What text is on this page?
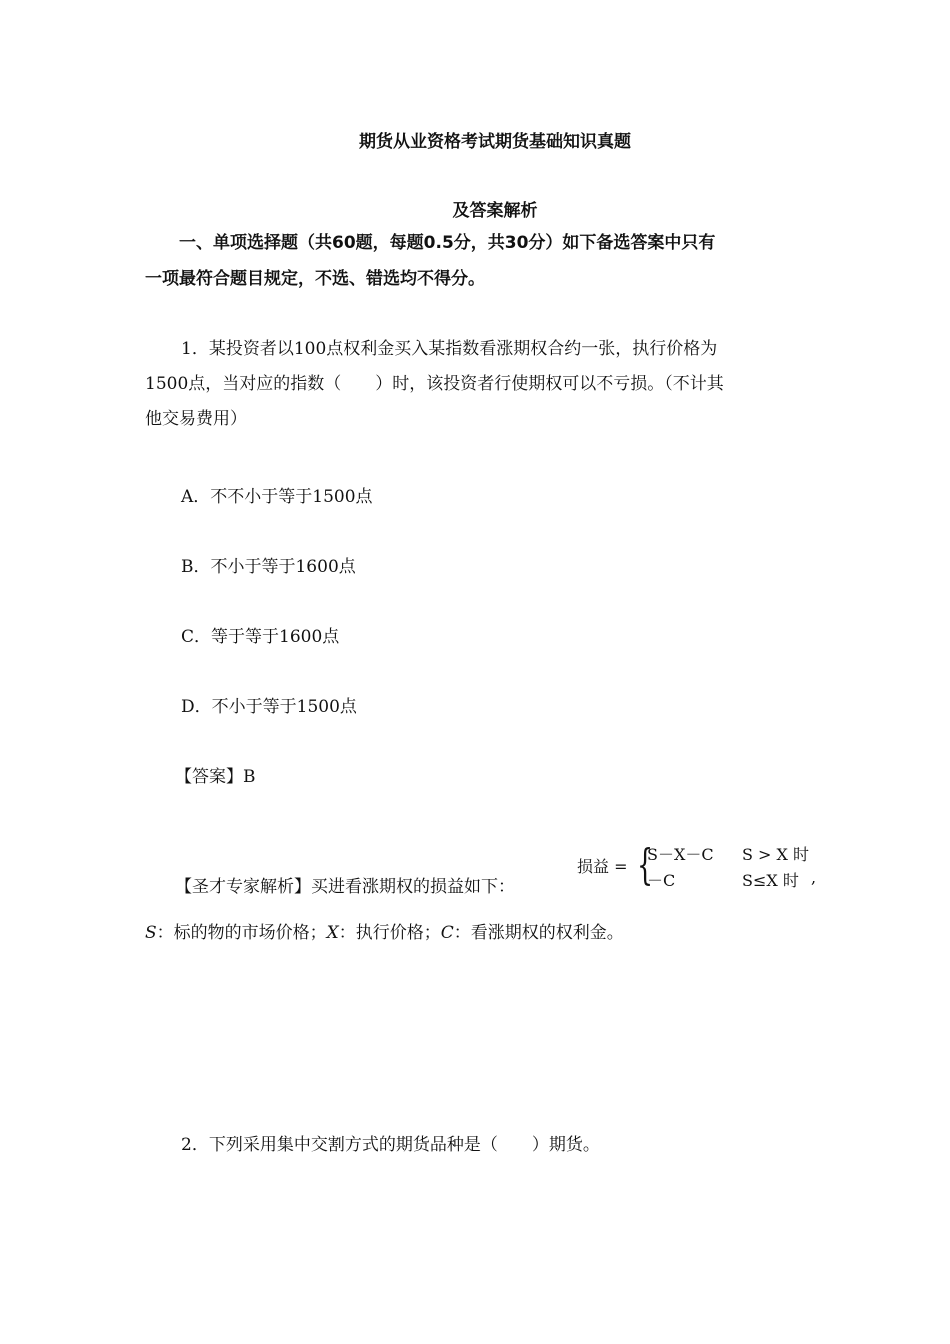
期货从业资格考试期货基础知识真题
及答案解析
一、单项选择题（共60题，每题0.5分，共30分）如下备选答案中只有
一项最符合题目规定，不选、错选均不得分。
1．某投资者以100点权利金买入某指数看涨期权合约一张，执行价格为
1500点，当对应的指数（　　）时，该投资者行使期权可以不亏损。（不计其
他交易费用）
A．不不小于等于1500点
B．不小于等于1600点
C．等于等于1600点
D．不小于等于1500点
【答案】B
【圣才专家解析】买进看涨期权的损益如下：
损益 = {
S－X－C S > X 时
－C	S≤X 时 ,
S：标的物的市场价格；X：执行价格；C：看涨期权的权利金。
2．下列采用集中交割方式的期货品种是（　　）期货。
